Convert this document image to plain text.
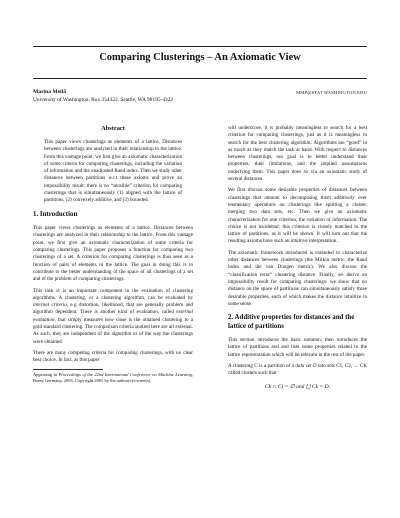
Comparing Clusterings – An Axiomatic View
Marina Meilă	MMP@STAT.WASHINGTON.EDU
University of Washington, Box 354322, Seattle, WA 98195-4322
Abstract

This paper views clusterings as elements of a lattice. Distances between clusterings are analyzed in their relationship to the lattice. From this vantage point, we first give an axiomatic characterization of some criteria for comparing clusterings, including the variation of information and the unadjusted Rand index. Then we study other distances between partitions w.r.t these axioms and prove an impossibility result: there is no “sensible” criterion for comparing clusterings that is simultaneously (1) aligned with the lattice of partitions, (2) convexely additive, and (3) bounded.

1. Introduction

This paper views clusterings as elements of a lattice. Distances between clusterings are analyzed in their relationship to the lattice. From this vantage point, we first give an axiomatic characterization of some criteria for comparing clusterings. This paper proposes a function for comparing two clusterings of a set. A criterion for comparing clusterings is thus seen as a function of pairs of elements in the lattice. The goal in doing this is to contribute to the better understanding of the space of all clusterings of a set and of the problem of comparing clusterings.

This task is is an important component in the evaluation of clustering algorithms. A clustering, or a clustering algorithm, can be evaluated by internal criteria, e.g distortion, likelihood, that are generally problem and algorithm dependent. There is another kind of evaluation, called external evaluation, that simply measures how close is the obtained clustering to a gold standard clustering. The comparison criteria studied here are all external. As such, they are independent of the algorithm or of the way the clusterings were obtained.

There are many competing criteria for comparing clusterings, with no clear best choice. In fact, as this paper

Appearing in Proceedings of the 22nd International Conference on Machine Learning, Bonn, Germany, 2005. Copyright 2005 by the author(s)/owner(s).

will underscore, it is probably meaningless to search for a best criterion for comparing clusterings, just as it is meaningless to search for the best clustering algorithm: Algorithms are “good” in as much as they match the task at hand. With respect to distances between clusterings, our goal is to better understand their properties, their limitations, and the implied assumptions underlying them. This paper does so via an axiomatic study of several distances.

We first discuss some desirable properties of distances between clusterings that amount to decomposing them additively over elementary operations on clusterings like splitting a cluster, merging two data sets, etc. Then we give an axiomatic characterization for one criterion, the variation of information. The choice is not incidental: this criterion is closely matched to the lattice of partitions, as it will be shown. It will turn out that the resulting axioms have such an intuitive interpretation.

The axiomatic framework introduced is extended to characterize other distances between clusterings (the Mirkin metric, the Rand index and the van Dongen metric). We also discuss the “classification error” clustering distance. Finally, we derive an impossibility result for comparing clusterings: we show that no distance on the space of partitions can simultaneously satisfy three desirable properties, each of which makes the distance intuitive in some sense.

2. Additive properties for distances and the lattice of partitions

This section introduces the basic notation, then introduces the lattice of partitions and and lists some properties related to the lattice representation which will be relevant in the rest of the paper.

A clustering C is a partition of a data set D into sets C1, C2, … CK called clusters such that

Ck ∩ Cl = ∅ and ⋃ Ck = D.
